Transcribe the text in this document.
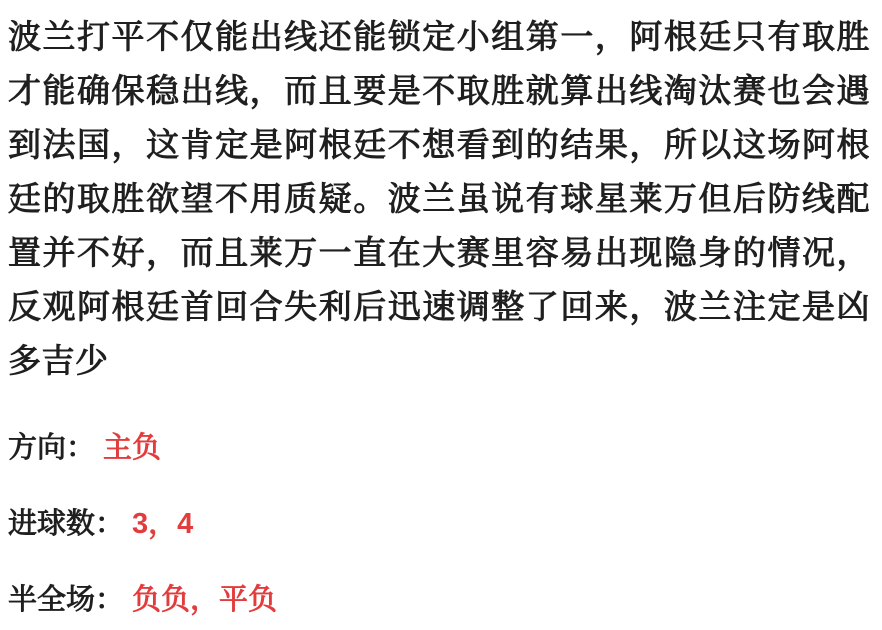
波兰打平不仅能出线还能锁定小组第一，阿根廷只有取胜才能确保稳出线，而且要是不取胜就算出线淘汰赛也会遇到法国，这肯定是阿根廷不想看到的结果，所以这场阿根廷的取胜欲望不用质疑。波兰虽说有球星莱万但后防线配置并不好，而且莱万一直在大赛里容易出现隐身的情况，反观阿根廷首回合失利后迅速调整了回来，波兰注定是凶多吉少

方向： 主负

进球数： 3，4

半全场： 负负，平负
